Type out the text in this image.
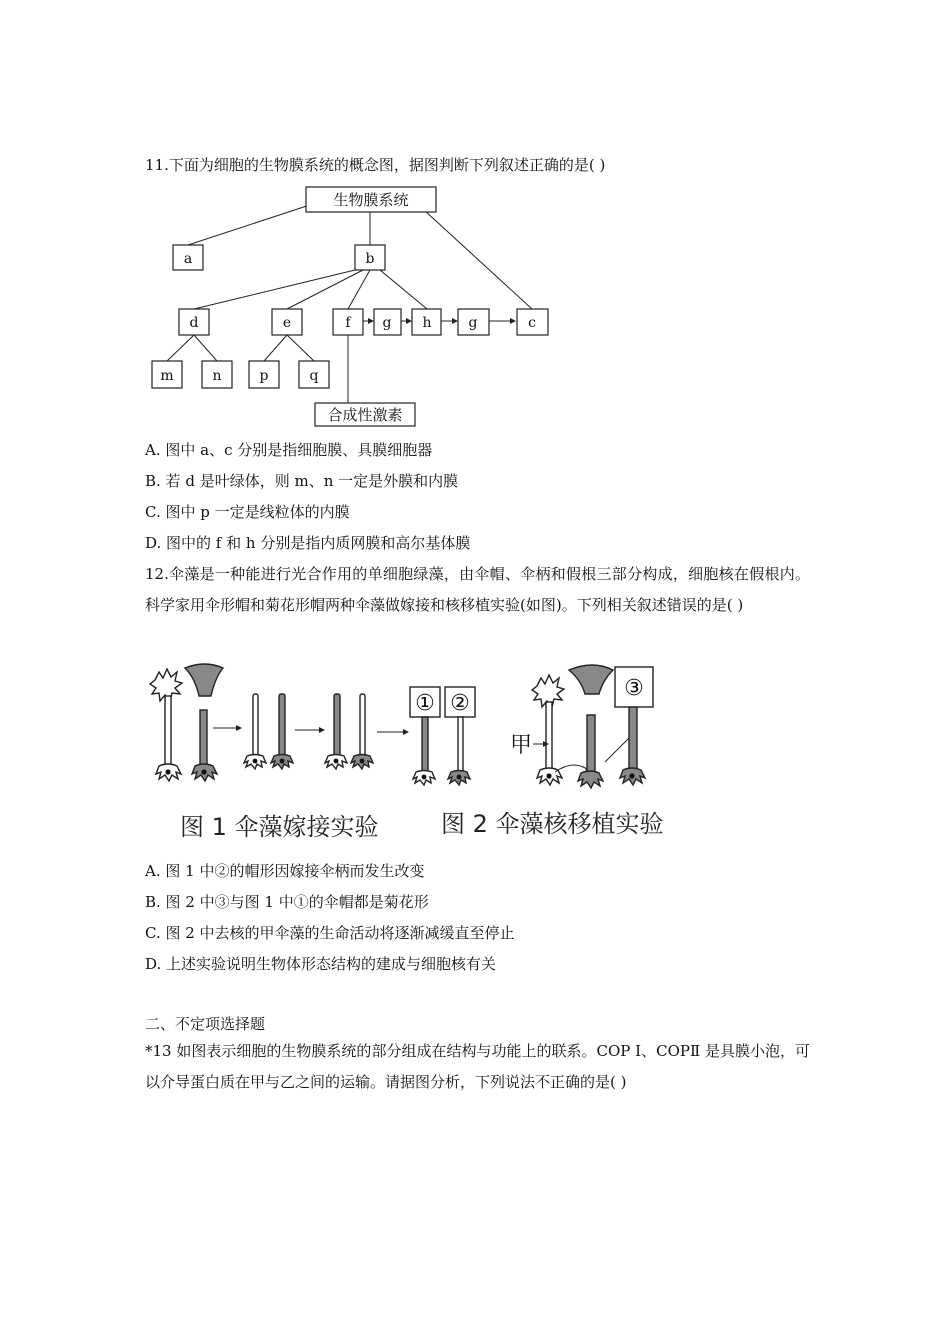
11.下面为细胞的生物膜系统的概念图，据图判断下列叙述正确的是( )
生物膜系统
a	b
d	e	f g h	g	c
m	n	p	q
合成性激素
A. 图中 a、c 分别是指细胞膜、具膜细胞器
B. 若 d 是叶绿体，则 m、n 一定是外膜和内膜
C. 图中 p 一定是线粒体的内膜
D. 图中的 f 和 h 分别是指内质网膜和高尔基体膜
12.伞藻是一种能进行光合作用的单细胞绿藻，由伞帽、伞柄和假根三部分构成，细胞核在假根内。科学家用伞形帽和菊花形帽两种伞藻做嫁接和核移植实验(如图)。下列相关叙述错误的是( )
① ②
甲
③
图 1 伞藻嫁接实验	图 2 伞藻核移植实验
A. 图 1 中②的帽形因嫁接伞柄而发生改变
B. 图 2 中③与图 1 中①的伞帽都是菊花形
C. 图 2 中去核的甲伞藻的生命活动将逐渐减缓直至停止
D. 上述实验说明生物体形态结构的建成与细胞核有关
二、不定项选择题
*13 如图表示细胞的生物膜系统的部分组成在结构与功能上的联系。COP Ⅰ、COPⅡ 是具膜小泡，可以介导蛋白质在甲与乙之间的运输。请据图分析，下列说法不正确的是( )
